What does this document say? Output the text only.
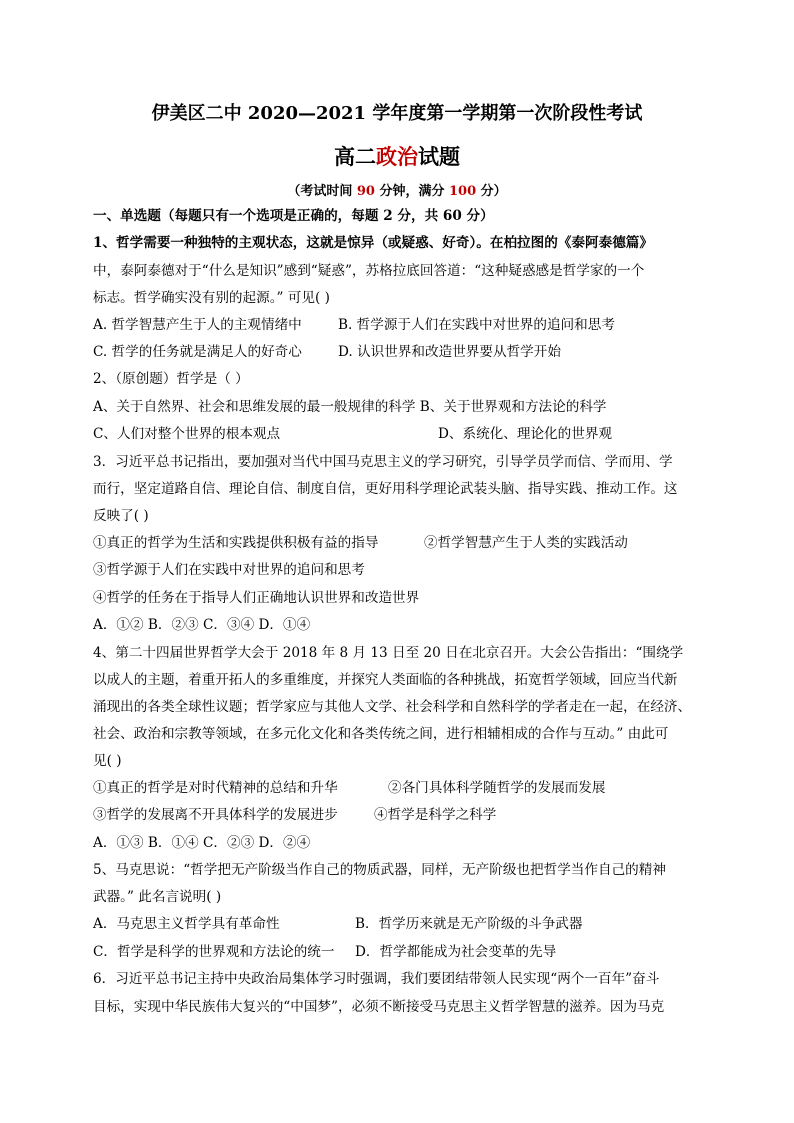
伊美区二中 2020—2021 学年度第一学期第一次阶段性考试
高二政治试题
（考试时间 90 分钟，满分 100 分）
一、单选题（每题只有一个选项是正确的，每题 2 分，共 60 分）
1、哲学需要一种独特的主观状态，这就是惊异（或疑惑、好奇）。在柏拉图的《泰阿泰德篇》
中，泰阿泰德对于“什么是知识”感到“疑惑”，苏格拉底回答道：“这种疑惑感是哲学家的一个
标志。哲学确实没有别的起源。” 可见( )
A. 哲学智慧产生于人的主观情绪中	B. 哲学源于人们在实践中对世界的追问和思考
C. 哲学的任务就是满足人的好奇心	D. 认识世界和改造世界要从哲学开始
2、（原创题）哲学是（ ）
A、关于自然界、社会和思维发展的最一般规律的科学 B、关于世界观和方法论的科学
C、人们对整个世界的根本观点	D、系统化、理论化的世界观
3．习近平总书记指出，要加强对当代中国马克思主义的学习研究，引导学员学而信、学而用、学
而行，坚定道路自信、理论自信、制度自信，更好用科学理论武装头脑、指导实践、推动工作。这
反映了( )
①真正的哲学为生活和实践提供积极有益的指导	②哲学智慧产生于人类的实践活动
③哲学源于人们在实践中对世界的追问和思考
④哲学的任务在于指导人们正确地认识世界和改造世界
A．①② B．②③ C．③④ D．①④
4、第二十四届世界哲学大会于 2018 年 8 月 13 日至 20 日在北京召开。大会公告指出：“围绕学
以成人的主题，着重开拓人的多重维度，并探究人类面临的各种挑战，拓宽哲学领域，回应当代新
涌现出的各类全球性议题；哲学家应与其他人文学、社会科学和自然科学的学者走在一起，在经济、
社会、政治和宗教等领域，在多元化文化和各类传统之间，进行相辅相成的合作与互动。” 由此可
见( )
①真正的哲学是对时代精神的总结和升华	②各门具体科学随哲学的发展而发展
③哲学的发展离不开具体科学的发展进步	④哲学是科学之科学
A．①③ B．①④ C．②③ D．②④
5、马克思说：“哲学把无产阶级当作自己的物质武器，同样，无产阶级也把哲学当作自己的精神
武器。” 此名言说明( )
A．马克思主义哲学具有革命性	B．哲学历来就是无产阶级的斗争武器
C．哲学是科学的世界观和方法论的统一 D．哲学都能成为社会变革的先导
6．习近平总书记主持中央政治局集体学习时强调，我们要团结带领人民实现“两个一百年”奋斗
目标，实现中华民族伟大复兴的“中国梦”，必须不断接受马克思主义哲学智慧的滋养。因为马克
